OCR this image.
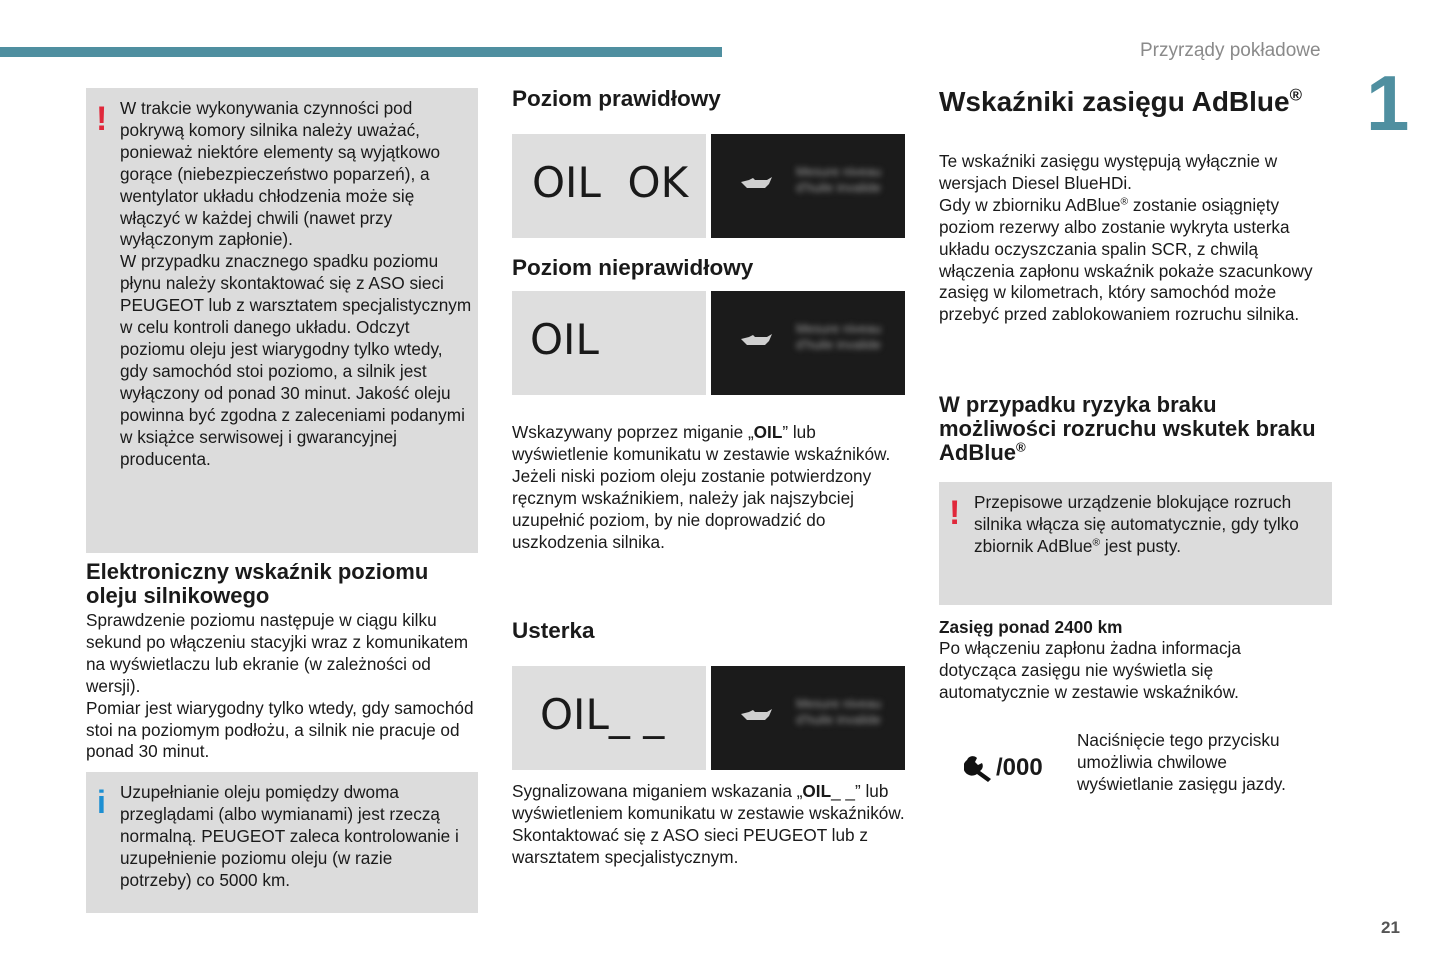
Przyrządy pokładowe
1
21
! W trakcie wykonywania czynności pod pokrywą komory silnika należy uważać, ponieważ niektóre elementy są wyjątkowo gorące (niebezpieczeństwo poparzeń), a wentylator układu chłodzenia może się włączyć w każdej chwili (nawet przy wyłączonym zapłonie).

W przypadku znacznego spadku poziomu płynu należy skontaktować się z ASO sieci PEUGEOT lub z warsztatem specjalistycznym w celu kontroli danego układu. Odczyt poziomu oleju jest wiarygodny tylko wtedy, gdy samochód stoi poziomo, a silnik jest wyłączony od ponad 30 minut. Jakość oleju powinna być zgodna z zaleceniami podanymi w książce serwisowej i gwarancyjnej producenta.

Elektroniczny wskaźnik poziomu oleju silnikowego

Sprawdzenie poziomu następuje w ciągu kilku sekund po włączeniu stacyjki wraz z komunikatem na wyświetlaczu lub ekranie (w zależności od wersji).

Pomiar jest wiarygodny tylko wtedy, gdy samochód stoi na poziomym podłożu, a silnik nie pracuje od ponad 30 minut.

i Uzupełnianie oleju pomiędzy dwoma przeglądami (albo wymianami) jest rzeczą normalną. PEUGEOT zaleca kontrolowanie i uzupełnienie poziomu oleju (w razie potrzeby) co 5000 km.

Poziom prawidłowy
OIL  OK	Mesure niveau d'huile invalide
Poziom nieprawidłowy
OIL	Mesure niveau d'huile invalide

Wskazywany poprzez miganie „OIL” lub wyświetlenie komunikatu w zestawie wskaźników.

Jeżeli niski poziom oleju zostanie potwierdzony ręcznym wskaźnikiem, należy jak najszybciej uzupełnić poziom, by nie doprowadzić do uszkodzenia silnika.

Usterka
OIL_ _	Mesure niveau d'huile invalide

Sygnalizowana miganiem wskazania „OIL_ _” lub wyświetleniem komunikatu w zestawie wskaźników. Skontaktować się z ASO sieci PEUGEOT lub z warsztatem specjalistycznym.

Wskaźniki zasięgu AdBlue®

Te wskaźniki zasięgu występują wyłącznie w wersjach Diesel BlueHDi.

Gdy w zbiorniku AdBlue® zostanie osiągnięty poziom rezerwy albo zostanie wykryta usterka układu oczyszczania spalin SCR, z chwilą włączenia zapłonu wskaźnik pokaże szacunkowy zasięg w kilometrach, który samochód może przebyć przed zablokowaniem rozruchu silnika.

W przypadku ryzyka braku możliwości rozruchu wskutek braku AdBlue®
! Przepisowe urządzenie blokujące rozruch silnika włącza się automatycznie, gdy tylko zbiornik AdBlue® jest pusty.

Zasięg ponad 2400 km

Po włączeniu zapłonu żadna informacja dotycząca zasięgu nie wyświetla się automatycznie w zestawie wskaźników.

/000

Naciśnięcie tego przycisku umożliwia chwilowe wyświetlanie zasięgu jazdy.
